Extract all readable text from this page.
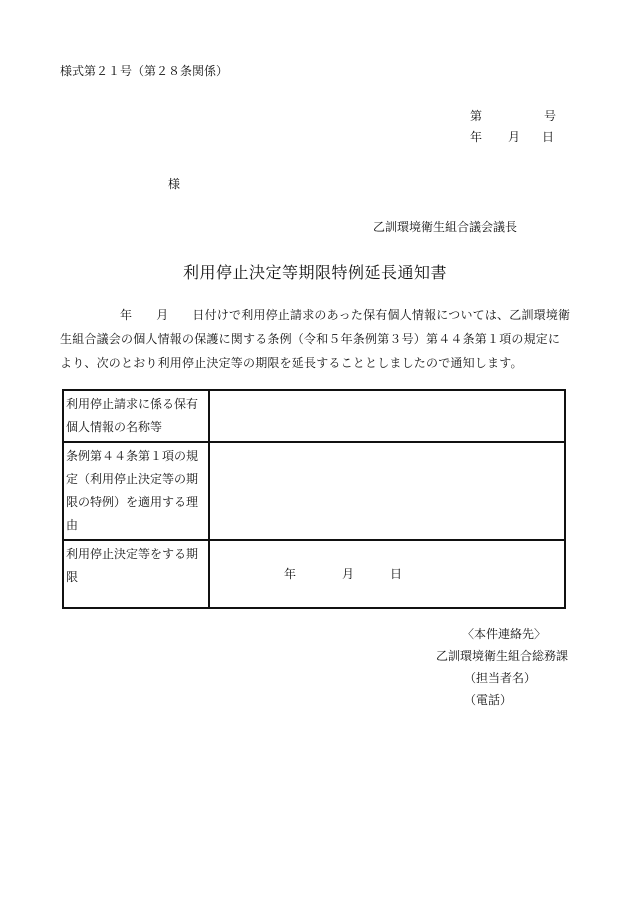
様式第２１号（第２８条関係）
第	号
年 月 日
様
乙訓環境衛生組合議会議長
利用停止決定等期限特例延長通知書
年 月 日付けで利用停止請求のあった保有個人情報については、乙訓環境衛生組合議会の個人情報の保護に関する条例（令和５年条例第３号）第４４条第１項の規定により、次のとおり利用停止決定等の期限を延長することとしましたので通知します。
利用停止請求に係る保有個人情報の名称等	
条例第４４条第１項の規定（利用停止決定等の期限の特例）を適用する理由	
利用停止決定等をする期限	年 月 日
〈本件連絡先〉
乙訓環境衛生組合総務課
（担当者名）
（電話）
